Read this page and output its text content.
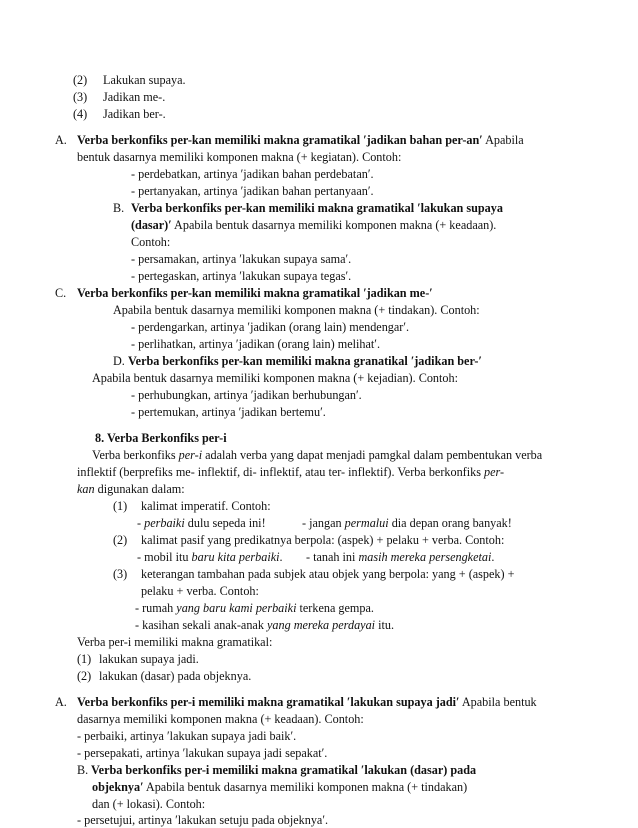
(2) Lakukan supaya.
(3) Jadikan me-.
(4) Jadikan ber-.
A. Verba berkonfiks per-kan memiliki makna gramatikal ′jadikan bahan per-an′ Apabila
bentuk dasarnya memiliki komponen makna (+ kegiatan). Contoh:
- perdebatkan, artinya ′jadikan bahan perdebatan′.
- pertanyakan, artinya ′jadikan bahan pertanyaan′.
B. Verba berkonfiks per-kan memiliki makna gramatikal ′lakukan supaya
(dasar)′ Apabila bentuk dasarnya memiliki komponen makna (+ keadaan).
Contoh:
- persamakan, artinya ′lakukan supaya sama′.
- pertegaskan, artinya ′lakukan supaya tegas′.
C. Verba berkonfiks per-kan memiliki makna gramatikal ′jadikan me-′
Apabila bentuk dasarnya memiliki komponen makna (+ tindakan). Contoh:
- perdengarkan, artinya ′jadikan (orang lain) mendengar′.
- perlihatkan, artinya ′jadikan (orang lain) melihat′.
D. Verba berkonfiks per-kan memiliki makna granatikal ′jadikan ber-′
Apabila bentuk dasarnya memiliki komponen makna (+ kejadian). Contoh:
- perhubungkan, artinya ′jadikan berhubungan′.
- pertemukan, artinya ′jadikan bertemu′.
8. Verba Berkonfiks per-i
Verba berkonfiks per-i adalah verba yang dapat menjadi pamgkal dalam pembentukan verba
inflektif (berprefiks me- inflektif, di- inflektif, atau ter- inflektif). Verba berkonfiks per-
kan digunakan dalam:
(1) kalimat imperatif. Contoh:
- perbaiki dulu sepeda ini!	- jangan permalui dia depan orang banyak!
(2) kalimat pasif yang predikatnya berpola: (aspek) + pelaku + verba. Contoh:
- mobil itu baru kita perbaiki. - tanah ini masih mereka persengketai.
(3) keterangan tambahan pada subjek atau objek yang berpola: yang + (aspek) +
pelaku + verba. Contoh:
- rumah yang baru kami perbaiki terkena gempa.
- kasihan sekali anak-anak yang mereka perdayai itu.
Verba per-i memiliki makna gramatikal:
(1) lakukan supaya jadi.
(2) lakukan (dasar) pada objeknya.
A. Verba berkonfiks per-i memiliki makna gramatikal ′lakukan supaya jadi′ Apabila bentuk
dasarnya memiliki komponen makna (+ keadaan). Contoh:
- perbaiki, artinya ′lakukan supaya jadi baik′.
- persepakati, artinya ′lakukan supaya jadi sepakat′.
B. Verba berkonfiks per-i memiliki makna gramatikal ′lakukan (dasar) pada
objeknya′ Apabila bentuk dasarnya memiliki komponen makna (+ tindakan)
dan (+ lokasi). Contoh:
- persetujui, artinya ′lakukan setuju pada objeknya′.
